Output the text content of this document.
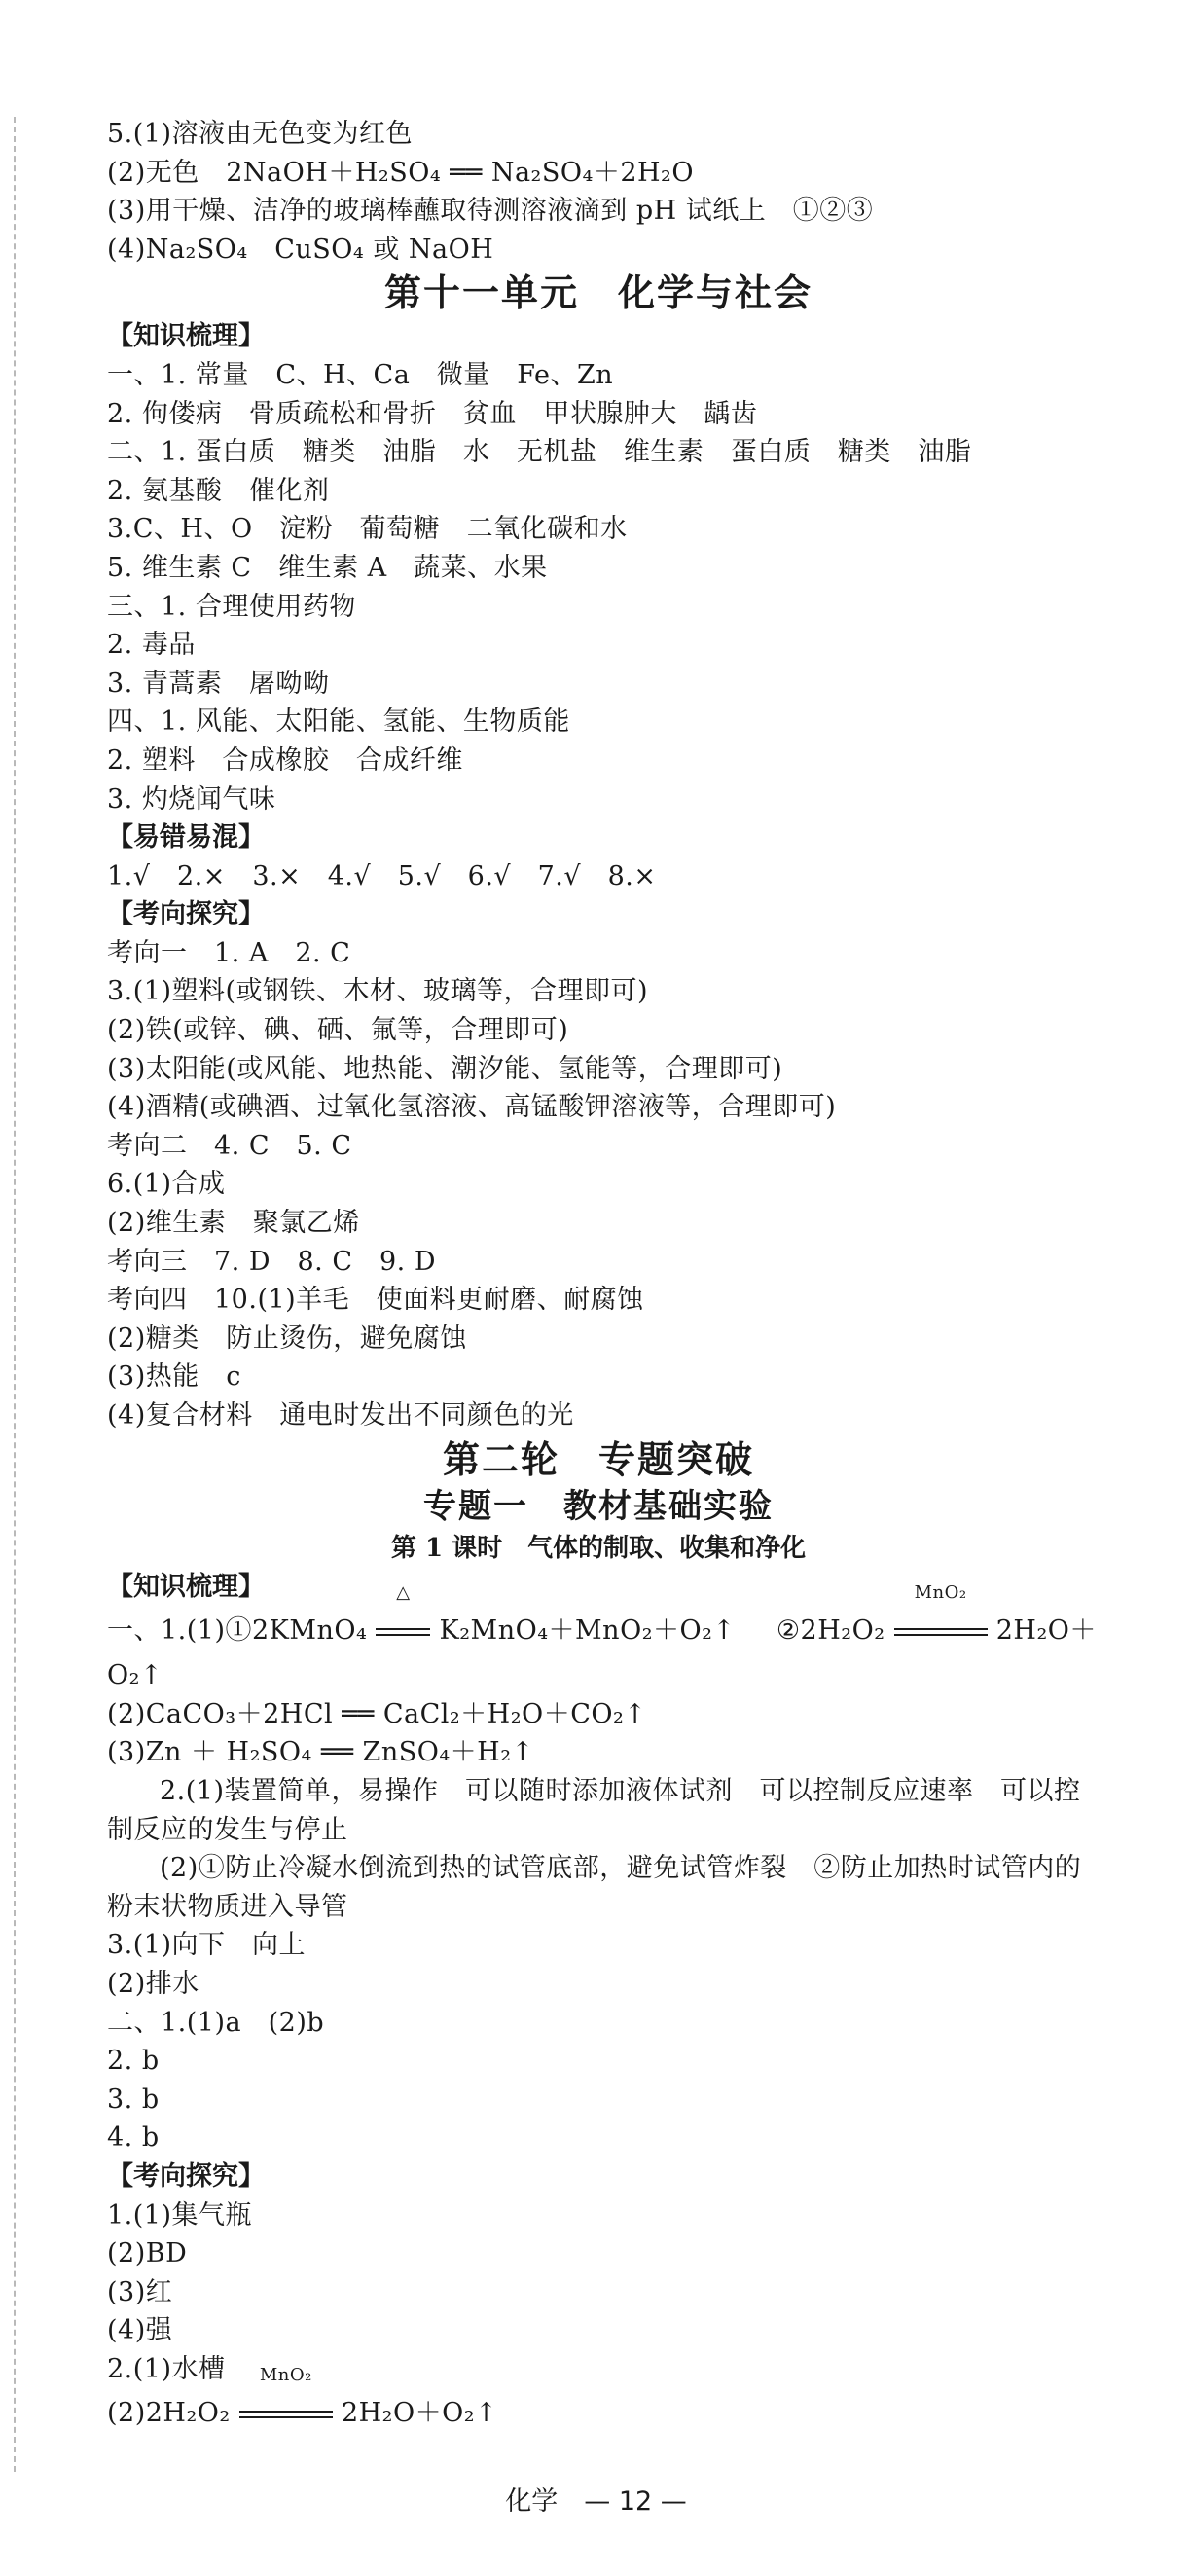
5.(1)溶液由无色变为红色
(2)无色　2NaOH＋H₂SO₄ ══ Na₂SO₄＋2H₂O
(3)用干燥、洁净的玻璃棒蘸取待测溶液滴到 pH 试纸上　①②③
(4)Na₂SO₄　CuSO₄ 或 NaOH
第十一单元　化学与社会
【知识梳理】
一、1. 常量　C、H、Ca　微量　Fe、Zn
2. 佝偻病　骨质疏松和骨折　贫血　甲状腺肿大　龋齿
二、1. 蛋白质　糖类　油脂　水　无机盐　维生素　蛋白质　糖类　油脂
2. 氨基酸　催化剂
3.C、H、O　淀粉　葡萄糖　二氧化碳和水
5. 维生素 C　维生素 A　蔬菜、水果
三、1. 合理使用药物
2. 毒品
3. 青蒿素　屠呦呦
四、1. 风能、太阳能、氢能、生物质能
2. 塑料　合成橡胶　合成纤维
3. 灼烧闻气味
【易错易混】
1.√　2.×　3.×　4.√　5.√　6.√　7.√　8.×
【考向探究】
考向一　1. A　2. C
3.(1)塑料(或钢铁、木材、玻璃等，合理即可)
(2)铁(或锌、碘、硒、氟等，合理即可)
(3)太阳能(或风能、地热能、潮汐能、氢能等，合理即可)
(4)酒精(或碘酒、过氧化氢溶液、高锰酸钾溶液等，合理即可)
考向二　4. C　5. C
6.(1)合成
(2)维生素　聚氯乙烯
考向三　7. D　8. C　9. D
考向四　10.(1)羊毛　使面料更耐磨、耐腐蚀
(2)糖类　防止烫伤，避免腐蚀
(3)热能　c
(4)复合材料　通电时发出不同颜色的光
第二轮　专题突破
专题一　教材基础实验
第 1 课时　气体的制取、收集和净化
【知识梳理】
一、1.(1)①2KMnO₄
△
K₂MnO₄＋MnO₂＋O₂↑ ②2H₂O₂
MnO₂
2H₂O＋
O₂↑
(2)CaCO₃＋2HCl ══ CaCl₂＋H₂O＋CO₂↑
(3)Zn ＋ H₂SO₄ ══ ZnSO₄＋H₂↑
2.(1)装置简单，易操作　可以随时添加液体试剂　可以控制反应速率　可以控
制反应的发生与停止
(2)①防止冷凝水倒流到热的试管底部，避免试管炸裂　②防止加热时试管内的
粉末状物质进入导管
3.(1)向下　向上
(2)排水
二、1.(1)a　(2)b
2. b
3. b
4. b
【考向探究】
1.(1)集气瓶
(2)BD
(3)红
(4)强
2.(1)水槽
(2)2H₂O₂
MnO₂
2H₂O＋O₂↑
化学　— 12 —
